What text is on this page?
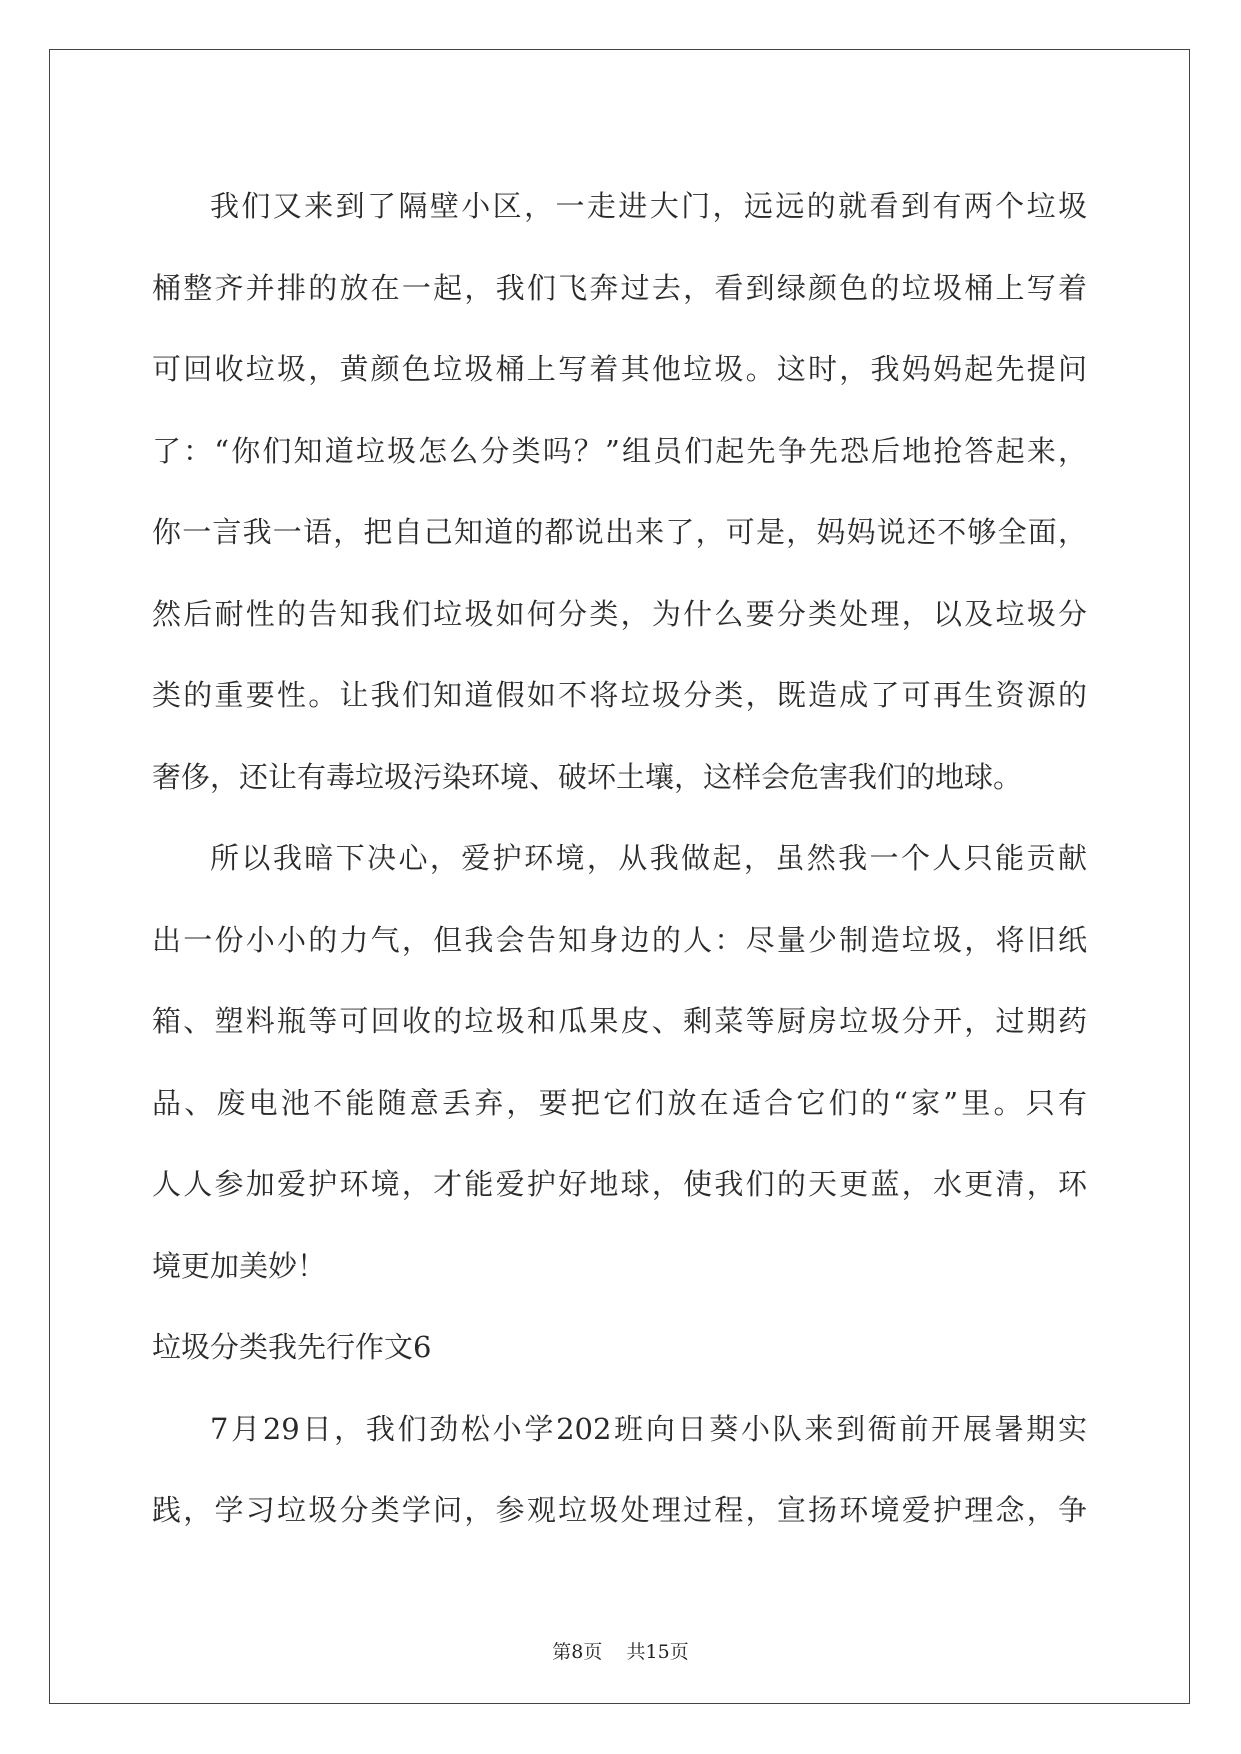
我们又来到了隔壁小区，一走进大门，远远的就看到有两个垃圾
桶整齐并排的放在一起，我们飞奔过去，看到绿颜色的垃圾桶上写着
可回收垃圾，黄颜色垃圾桶上写着其他垃圾。这时，我妈妈起先提问
了：“你们知道垃圾怎么分类吗？”组员们起先争先恐后地抢答起来，
你一言我一语，把自己知道的都说出来了，可是，妈妈说还不够全面，
然后耐性的告知我们垃圾如何分类，为什么要分类处理，以及垃圾分
类的重要性。让我们知道假如不将垃圾分类，既造成了可再生资源的
奢侈，还让有毒垃圾污染环境、破坏土壤，这样会危害我们的地球。
所以我暗下决心，爱护环境，从我做起，虽然我一个人只能贡献
出一份小小的力气，但我会告知身边的人：尽量少制造垃圾，将旧纸
箱、塑料瓶等可回收的垃圾和瓜果皮、剩菜等厨房垃圾分开，过期药
品、废电池不能随意丢弃，要把它们放在适合它们的“家”里。只有
人人参加爱护环境，才能爱护好地球，使我们的天更蓝，水更清，环
境更加美妙！
垃圾分类我先行作文6
7月29日，我们劲松小学202班向日葵小队来到衙前开展暑期实
践，学习垃圾分类学问，参观垃圾处理过程，宣扬环境爱护理念，争
第8页 共15页
